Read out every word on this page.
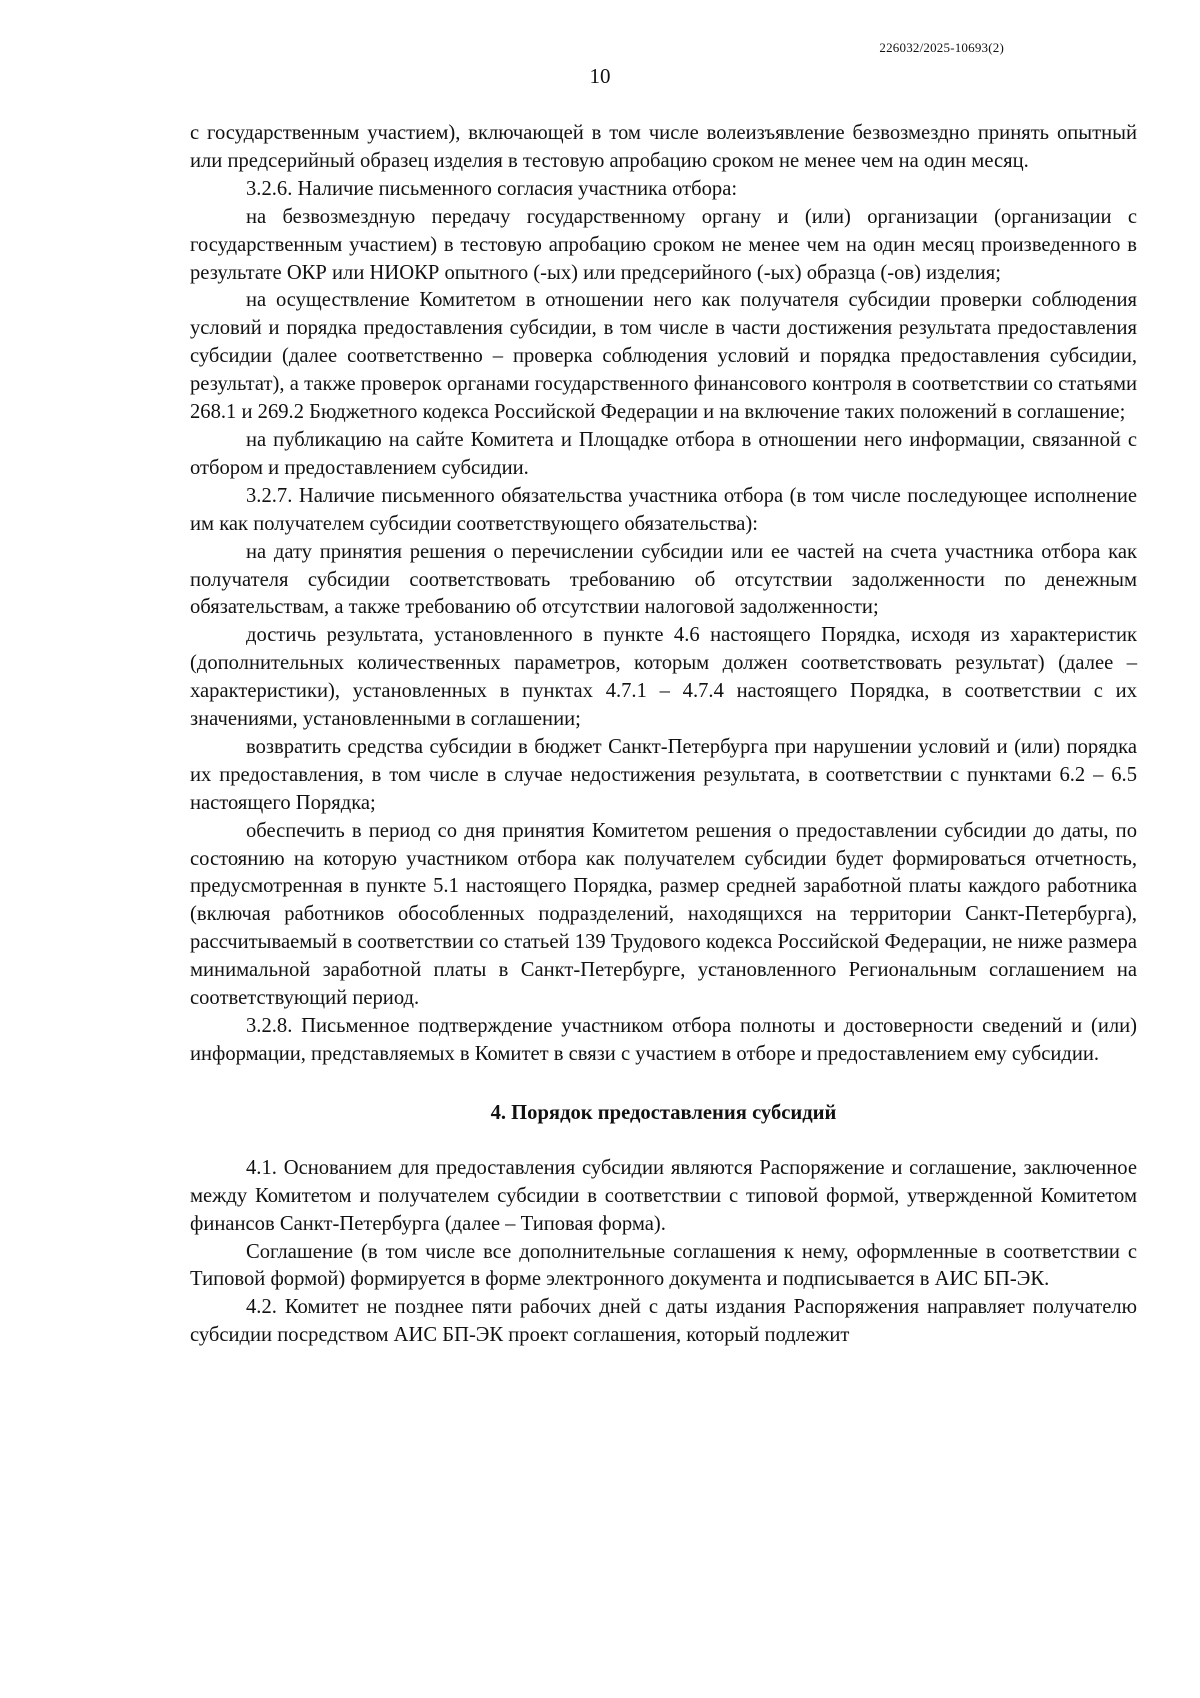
226032/2025-10693(2)
10

с государственным участием), включающей в том числе волеизъявление безвозмездно принять опытный или предсерийный образец изделия в тестовую апробацию сроком не менее чем на один месяц.

3.2.6. Наличие письменного согласия участника отбора:

на безвозмездную передачу государственному органу и (или) организации (организации с государственным участием) в тестовую апробацию сроком не менее чем на один месяц произведенного в результате ОКР или НИОКР опытного (-ых) или предсерийного (-ых) образца (-ов) изделия;

на осуществление Комитетом в отношении него как получателя субсидии проверки соблюдения условий и порядка предоставления субсидии, в том числе в части достижения результата предоставления субсидии (далее соответственно – проверка соблюдения условий и порядка предоставления субсидии, результат), а также проверок органами государственного финансового контроля в соответствии со статьями 268.1 и 269.2 Бюджетного кодекса Российской Федерации и на включение таких положений в соглашение;

на публикацию на сайте Комитета и Площадке отбора в отношении него информации, связанной с отбором и предоставлением субсидии.

3.2.7. Наличие письменного обязательства участника отбора (в том числе последующее исполнение им как получателем субсидии соответствующего обязательства):

на дату принятия решения о перечислении субсидии или ее частей на счета участника отбора как получателя субсидии соответствовать требованию об отсутствии задолженности по денежным обязательствам, а также требованию об отсутствии налоговой задолженности;

достичь результата, установленного в пункте 4.6 настоящего Порядка, исходя из характеристик (дополнительных количественных параметров, которым должен соответствовать результат) (далее – характеристики), установленных в пунктах 4.7.1 – 4.7.4 настоящего Порядка, в соответствии с их значениями, установленными в соглашении;

возвратить средства субсидии в бюджет Санкт-Петербурга при нарушении условий и (или) порядка их предоставления, в том числе в случае недостижения результата, в соответствии с пунктами 6.2 – 6.5 настоящего Порядка;

обеспечить в период со дня принятия Комитетом решения о предоставлении субсидии до даты, по состоянию на которую участником отбора как получателем субсидии будет формироваться отчетность, предусмотренная в пункте 5.1 настоящего Порядка, размер средней заработной платы каждого работника (включая работников обособленных подразделений, находящихся на территории Санкт-Петербурга), рассчитываемый в соответствии со статьей 139 Трудового кодекса Российской Федерации, не ниже размера минимальной заработной платы в Санкт-Петербурге, установленного Региональным соглашением на соответствующий период.

3.2.8. Письменное подтверждение участником отбора полноты и достоверности сведений и (или) информации, представляемых в Комитет в связи с участием в отборе и предоставлением ему субсидии.

4. Порядок предоставления субсидий

4.1. Основанием для предоставления субсидии являются Распоряжение и соглашение, заключенное между Комитетом и получателем субсидии в соответствии с типовой формой, утвержденной Комитетом финансов Санкт-Петербурга (далее – Типовая форма).

Соглашение (в том числе все дополнительные соглашения к нему, оформленные в соответствии с Типовой формой) формируется в форме электронного документа и подписывается в АИС БП-ЭК.

4.2. Комитет не позднее пяти рабочих дней с даты издания Распоряжения направляет получателю субсидии посредством АИС БП-ЭК проект соглашения, который подлежит
